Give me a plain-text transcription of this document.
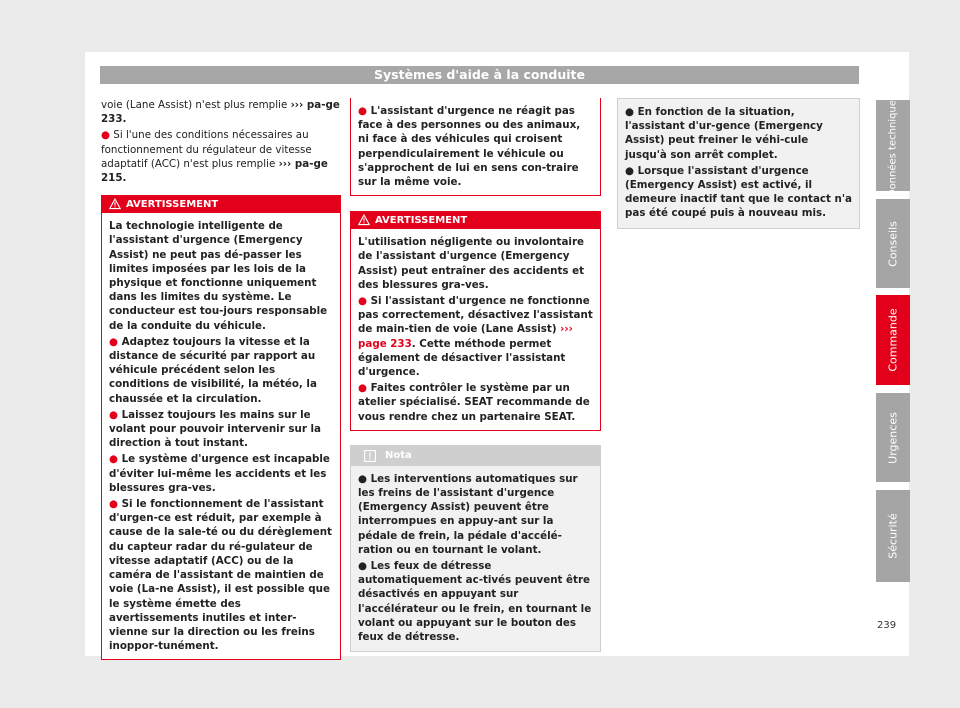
Systèmes d'aide à la conduite

voie (Lane Assist) n'est plus remplie ››› pa-ge 233.

● Si l'une des conditions nécessaires au fonctionnement du régulateur de vitesse adaptatif (ACC) n'est plus remplie ››› pa-ge 215.

AVERTISSEMENT

La technologie intelligente de l'assistant d'urgence (Emergency Assist) ne peut pas dé-passer les limites imposées par les lois de la physique et fonctionne uniquement dans les limites du système. Le conducteur est tou-jours responsable de la conduite du véhicule.

● Adaptez toujours la vitesse et la distance de sécurité par rapport au véhicule précédent selon les conditions de visibilité, la météo, la chaussée et la circulation.

● Laissez toujours les mains sur le volant pour pouvoir intervenir sur la direction à tout instant.

● Le système d'urgence est incapable d'éviter lui-même les accidents et les blessures gra-ves.

● Si le fonctionnement de l'assistant d'urgen-ce est réduit, par exemple à cause de la sale-té ou du dérèglement du capteur radar du ré-gulateur de vitesse adaptatif (ACC) ou de la caméra de l'assistant de maintien de voie (La-ne Assist), il est possible que le système émette des avertissements inutiles et inter-vienne sur la direction ou les freins inoppor-tunément.

● L'assistant d'urgence ne réagit pas face à des personnes ou des animaux, ni face à des véhicules qui croisent perpendiculairement le véhicule ou s'approchent de lui en sens con-traire sur la même voie.

AVERTISSEMENT

L'utilisation négligente ou involontaire de l'assistant d'urgence (Emergency Assist) peut entraîner des accidents et des blessures gra-ves.

● Si l'assistant d'urgence ne fonctionne pas correctement, désactivez l'assistant de main-tien de voie (Lane Assist) ››› page 233. Cette méthode permet également de désactiver l'assistant d'urgence.

● Faites contrôler le système par un atelier spécialisé. SEAT recommande de vous rendre chez un partenaire SEAT.

Nota

● Les interventions automatiques sur les freins de l'assistant d'urgence (Emergency Assist) peuvent être interrompues en appuy-ant sur la pédale de frein, la pédale d'accélé-ration ou en tournant le volant.

● Les feux de détresse automatiquement ac-tivés peuvent être désactivés en appuyant sur l'accélérateur ou le frein, en tournant le volant ou appuyant sur le bouton des feux de détresse.

● En fonction de la situation, l'assistant d'ur-gence (Emergency Assist) peut freiner le véhi-cule jusqu'à son arrêt complet.

● Lorsque l'assistant d'urgence (Emergency Assist) est activé, il demeure inactif tant que le contact n'a pas été coupé puis à nouveau mis.

Données techniques
Conseils
Commande
Urgences
Sécurité
239
